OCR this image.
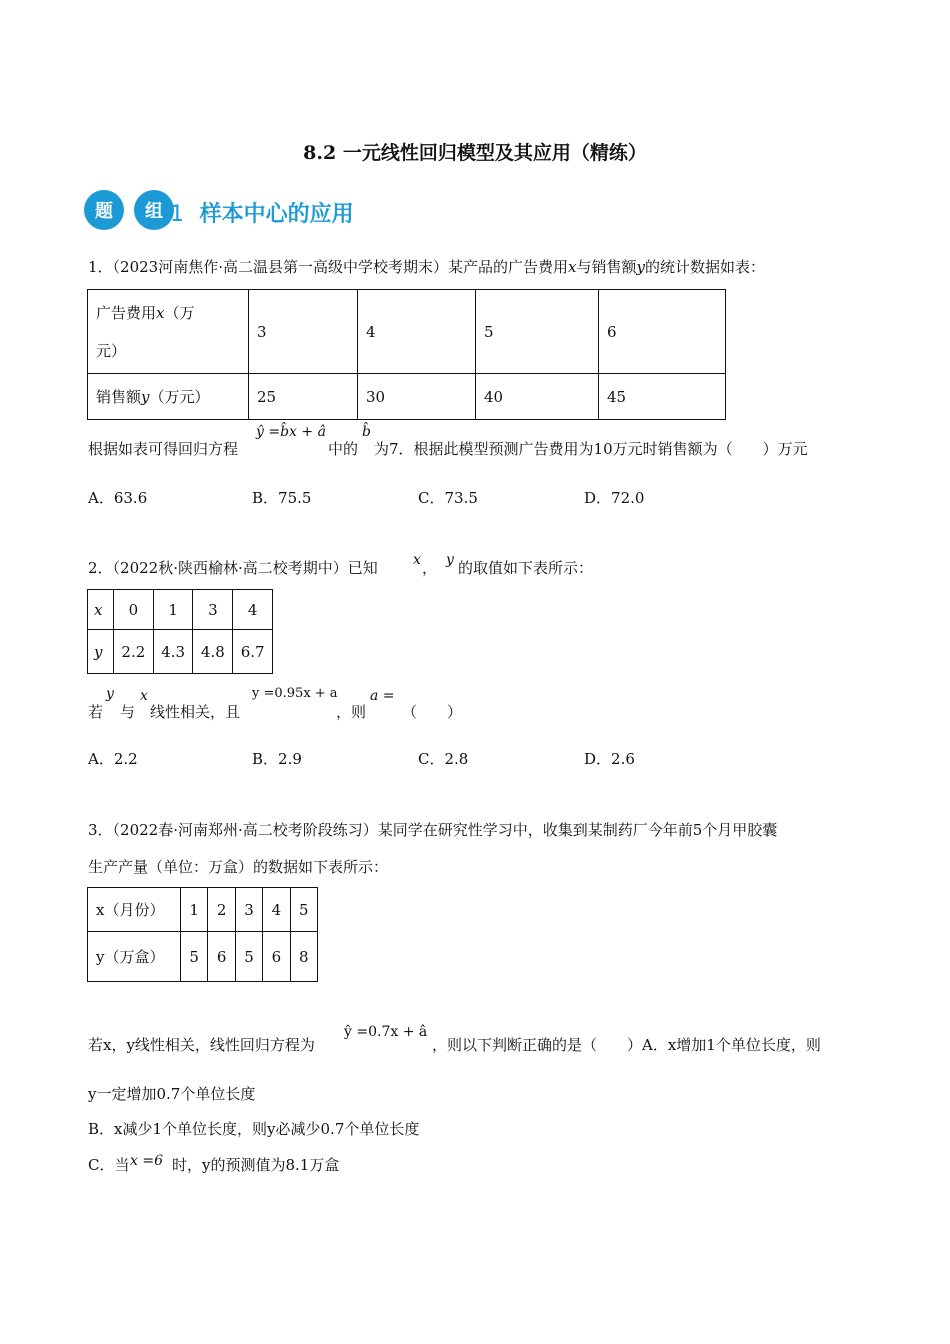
8.2 一元线性回归模型及其应用（精练）
题	组 1 样本中心的应用
1．（2023河南焦作·高二温县第一高级中学校考期末）某产品的广告费用x与销售额y的统计数据如表：
广告费用x（万
元）	3	4	5	6
销售额y（万元）	25	30	40	45
根据如表可得回归方程
ŷ =b̂x + â
中的
b̂
为7．根据此模型预测广告费用为10万元时销售额为（　　）万元
A．63.6	B．75.5	C．73.5	D．72.0
2．（2022秋·陕西榆林·高二校考期中）已知	x ， y 的取值如下表所示：
x	0	1	3	4
y	2.2	4.3	4.8	6.7
若
y
与
x
线性相关，且
y =0.95x + a
，则
a =
（　　）
A．2.2	B．2.9	C．2.8	D．2.6
3．（2022春·河南郑州·高二校考阶段练习）某同学在研究性学习中，收集到某制药厂今年前5个月甲胶囊
生产产量（单位：万盒）的数据如下表所示：
x（月份）	1	2	3	4	5
y（万盒）	5	6	5	6	8
若x，y线性相关，线性回归方程为
ŷ =0.7x + â
，则以下判断正确的是（　　）A．x增加1个单位长度，则
y一定增加0.7个单位长度
B．x减少1个单位长度，则y必减少0.7个单位长度
C．当 x =6 时，y的预测值为8.1万盒
